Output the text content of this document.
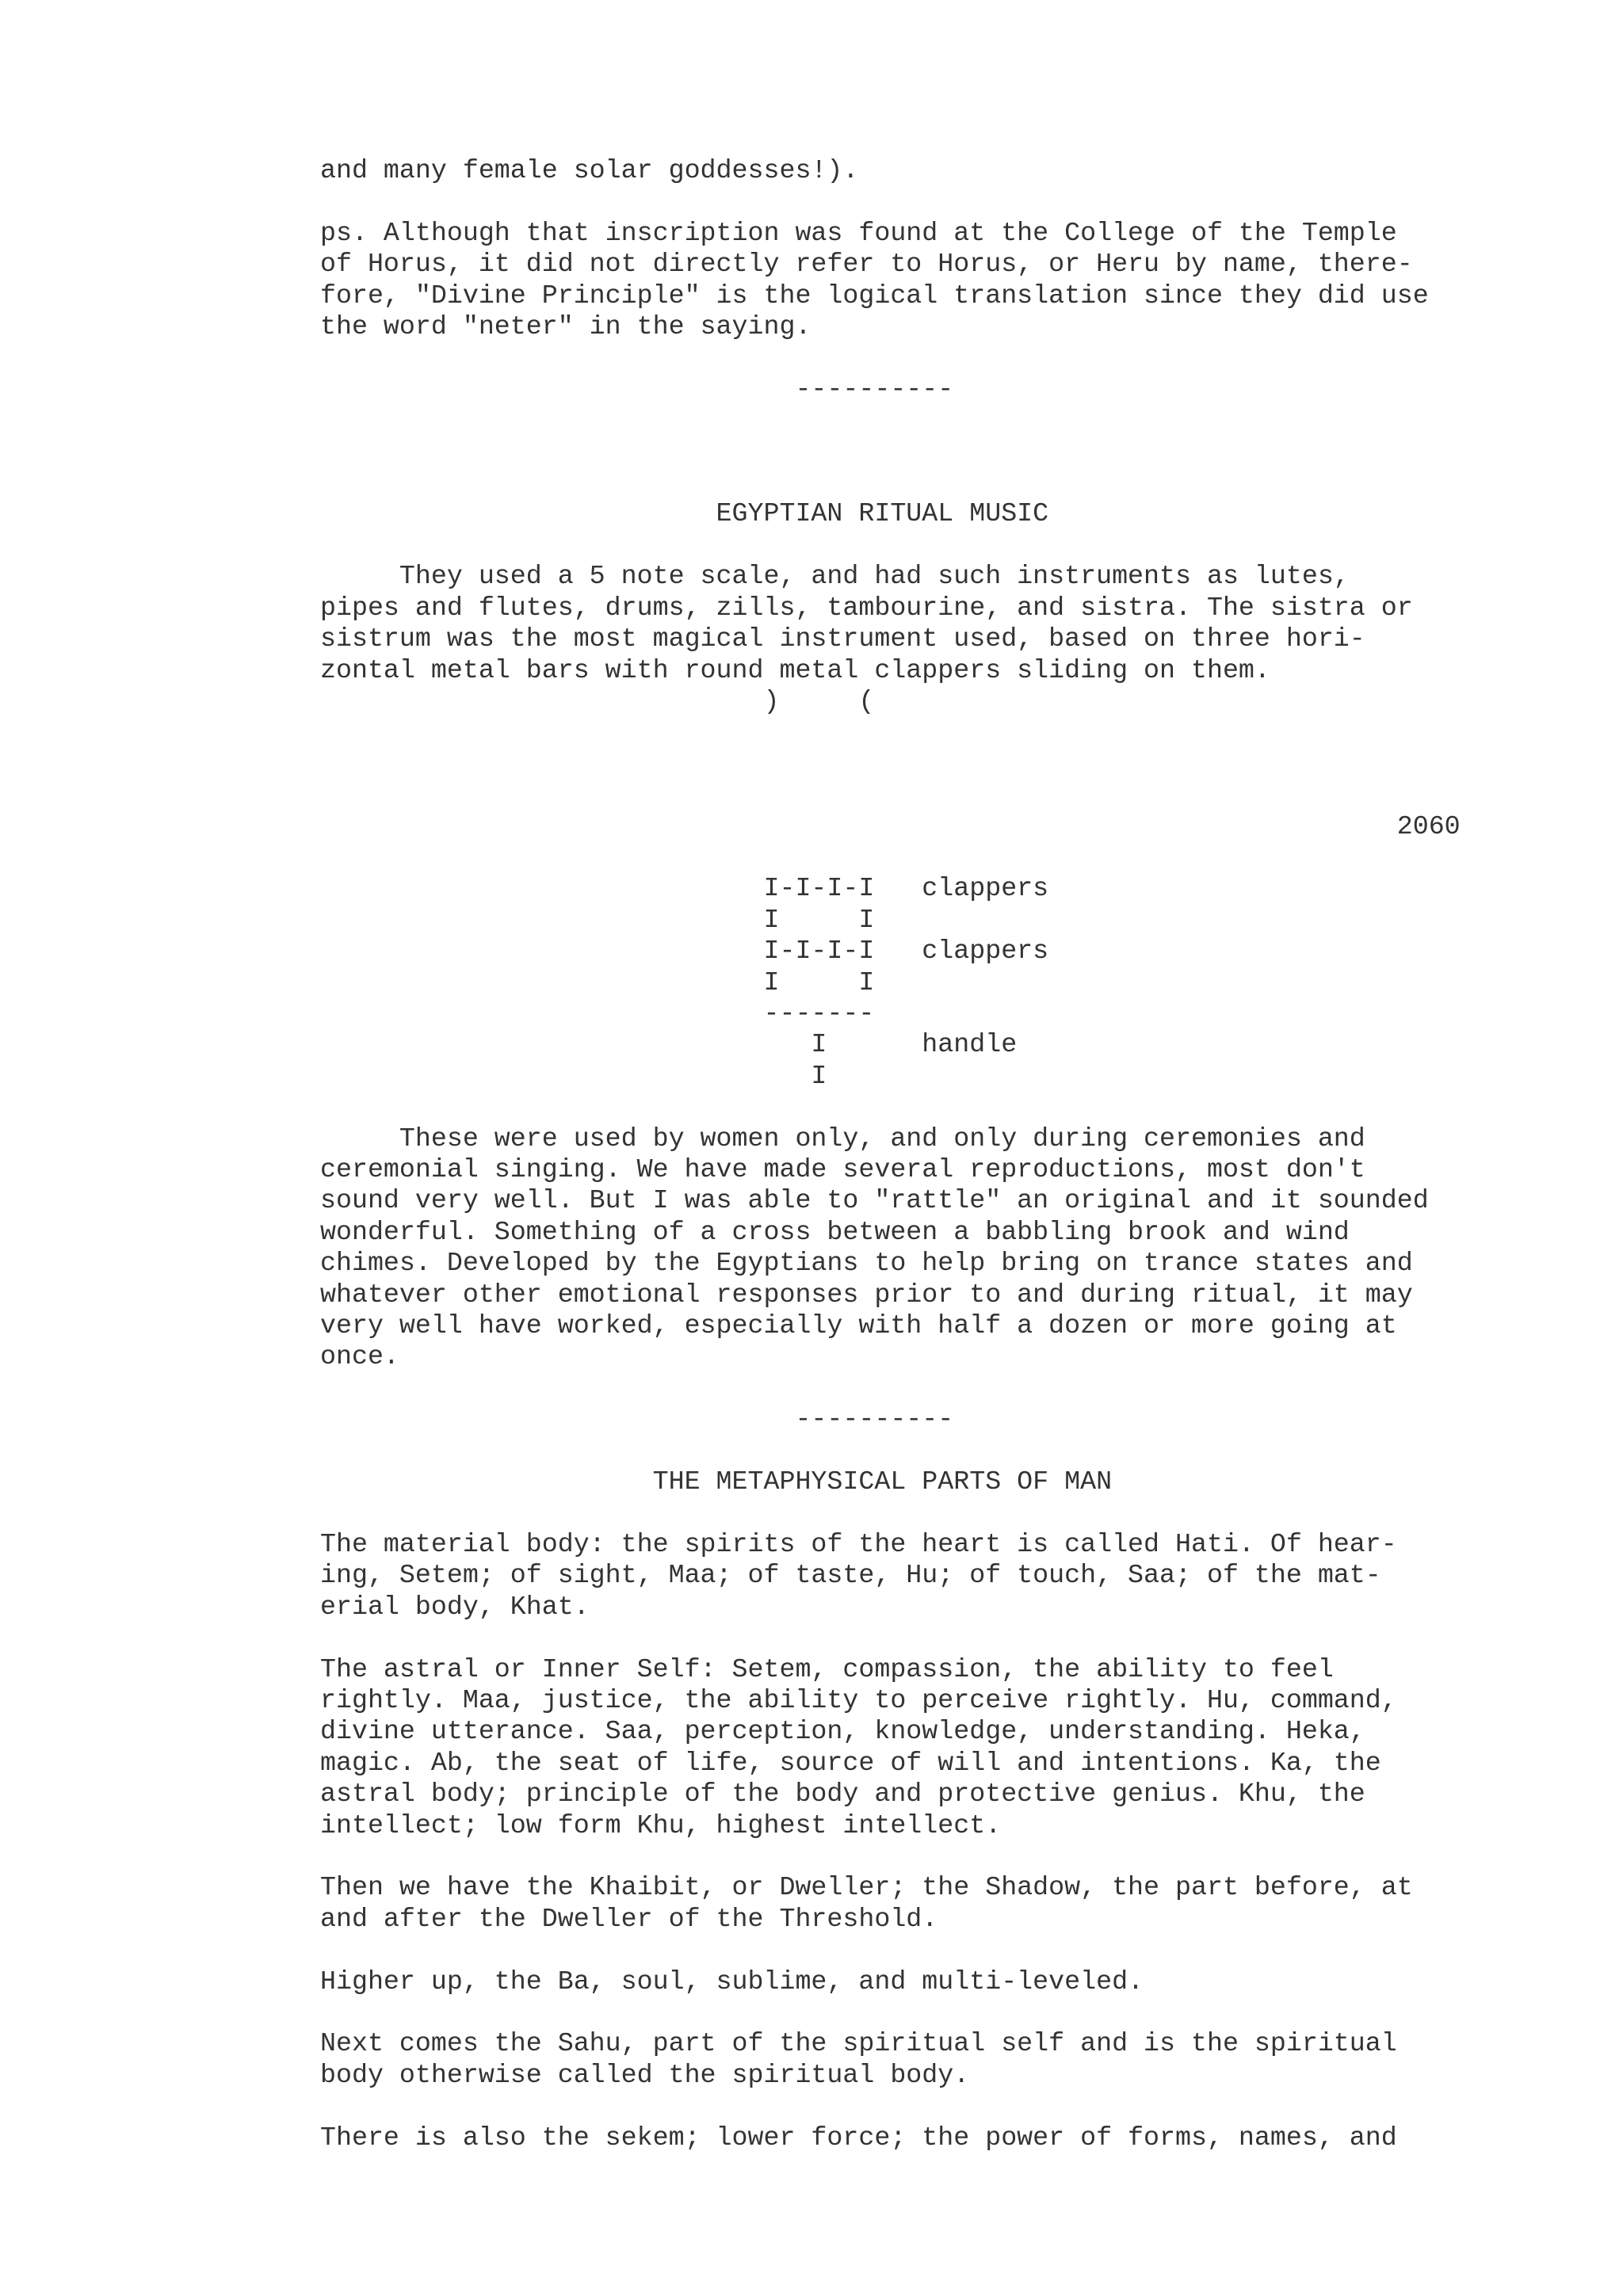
and many female solar goddesses!).

ps. Although that inscription was found at the College of the Temple
of Horus, it did not directly refer to Horus, or Heru by name, there-
fore, "Divine Principle" is the logical translation since they did use
the word "neter" in the saying.

----------

EGYPTIAN RITUAL MUSIC

They used a 5 note scale, and had such instruments as lutes,
pipes and flutes, drums, zills, tambourine, and sistra. The sistra or
sistrum was the most magical instrument used, based on three hori-
zontal metal bars with round metal clappers sliding on them.
)     (

2060

I-I-I-I   clappers
I     I
I-I-I-I   clappers
I     I
-------
I      handle
I

These were used by women only, and only during ceremonies and
ceremonial singing. We have made several reproductions, most don't
sound very well. But I was able to "rattle" an original and it sounded
wonderful. Something of a cross between a babbling brook and wind
chimes. Developed by the Egyptians to help bring on trance states and
whatever other emotional responses prior to and during ritual, it may
very well have worked, especially with half a dozen or more going at
once.

----------

THE METAPHYSICAL PARTS OF MAN

The material body: the spirits of the heart is called Hati. Of hear-
ing, Setem; of sight, Maa; of taste, Hu; of touch, Saa; of the mat-
erial body, Khat.

The astral or Inner Self: Setem, compassion, the ability to feel
rightly. Maa, justice, the ability to perceive rightly. Hu, command,
divine utterance. Saa, perception, knowledge, understanding. Heka,
magic. Ab, the seat of life, source of will and intentions. Ka, the
astral body; principle of the body and protective genius. Khu, the
intellect; low form Khu, highest intellect.

Then we have the Khaibit, or Dweller; the Shadow, the part before, at
and after the Dweller of the Threshold.

Higher up, the Ba, soul, sublime, and multi-leveled.

Next comes the Sahu, part of the spiritual self and is the spiritual
body otherwise called the spiritual body.

There is also the sekem; lower force; the power of forms, names, and
